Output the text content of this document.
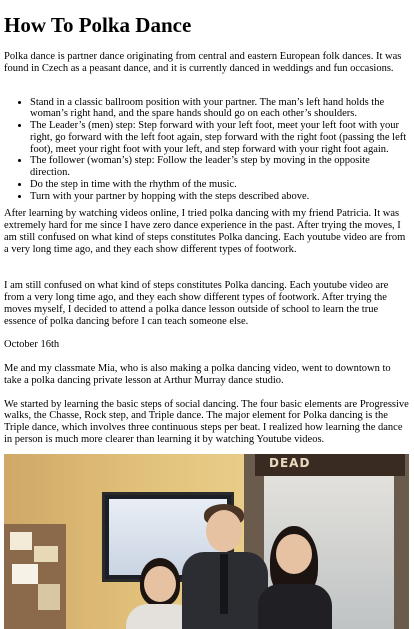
How To Polka Dance

Polka dance is partner dance originating from central and eastern European folk dances. It was found in Czech as a peasant dance, and it is currently danced in weddings and fun occasions.

• Stand in a classic ballroom position with your partner. The man’s left hand holds the woman’s right hand, and the spare hands should go on each other’s shoulders.
• The Leader’s (men) step: Step forward with your left foot, meet your left foot with your right, go forward with the left foot again, step forward with the right foot (passing the left foot), meet your right foot with your left, and step forward with your right foot again.
• The follower (woman’s) step: Follow the leader’s step by moving in the opposite direction.
• Do the step in time with the rhythm of the music.
• Turn with your partner by hopping with the steps described above.

After learning by watching videos online, I tried polka dancing with my friend Patricia. It was extremely hard for me since I have zero dance experience in the past. After trying the moves, I am still confused on what kind of steps constitutes Polka dancing. Each youtube video are from a very long time ago, and they each show different types of footwork.

I am still confused on what kind of steps constitutes Polka dancing. Each youtube video are from a very long time ago, and they each show different types of footwork. After trying the moves myself, I decided to attend a polka dance lesson outside of school to learn the true essence of polka dancing before I can teach someone else.

October 16th

Me and my classmate Mia, who is also making a polka dancing video, went to downtown to take a polka dancing private lesson at Arthur Murray dance studio.

We started by learning the basic steps of social dancing. The four basic elements are Progressive walks, the Chasse, Rock step, and Triple dance. The major element for Polka dancing is the Triple dance, which involves three continuous steps per beat. I realized how learning the dance in person is much more clearer than learning it by watching Youtube videos.

DEAD
